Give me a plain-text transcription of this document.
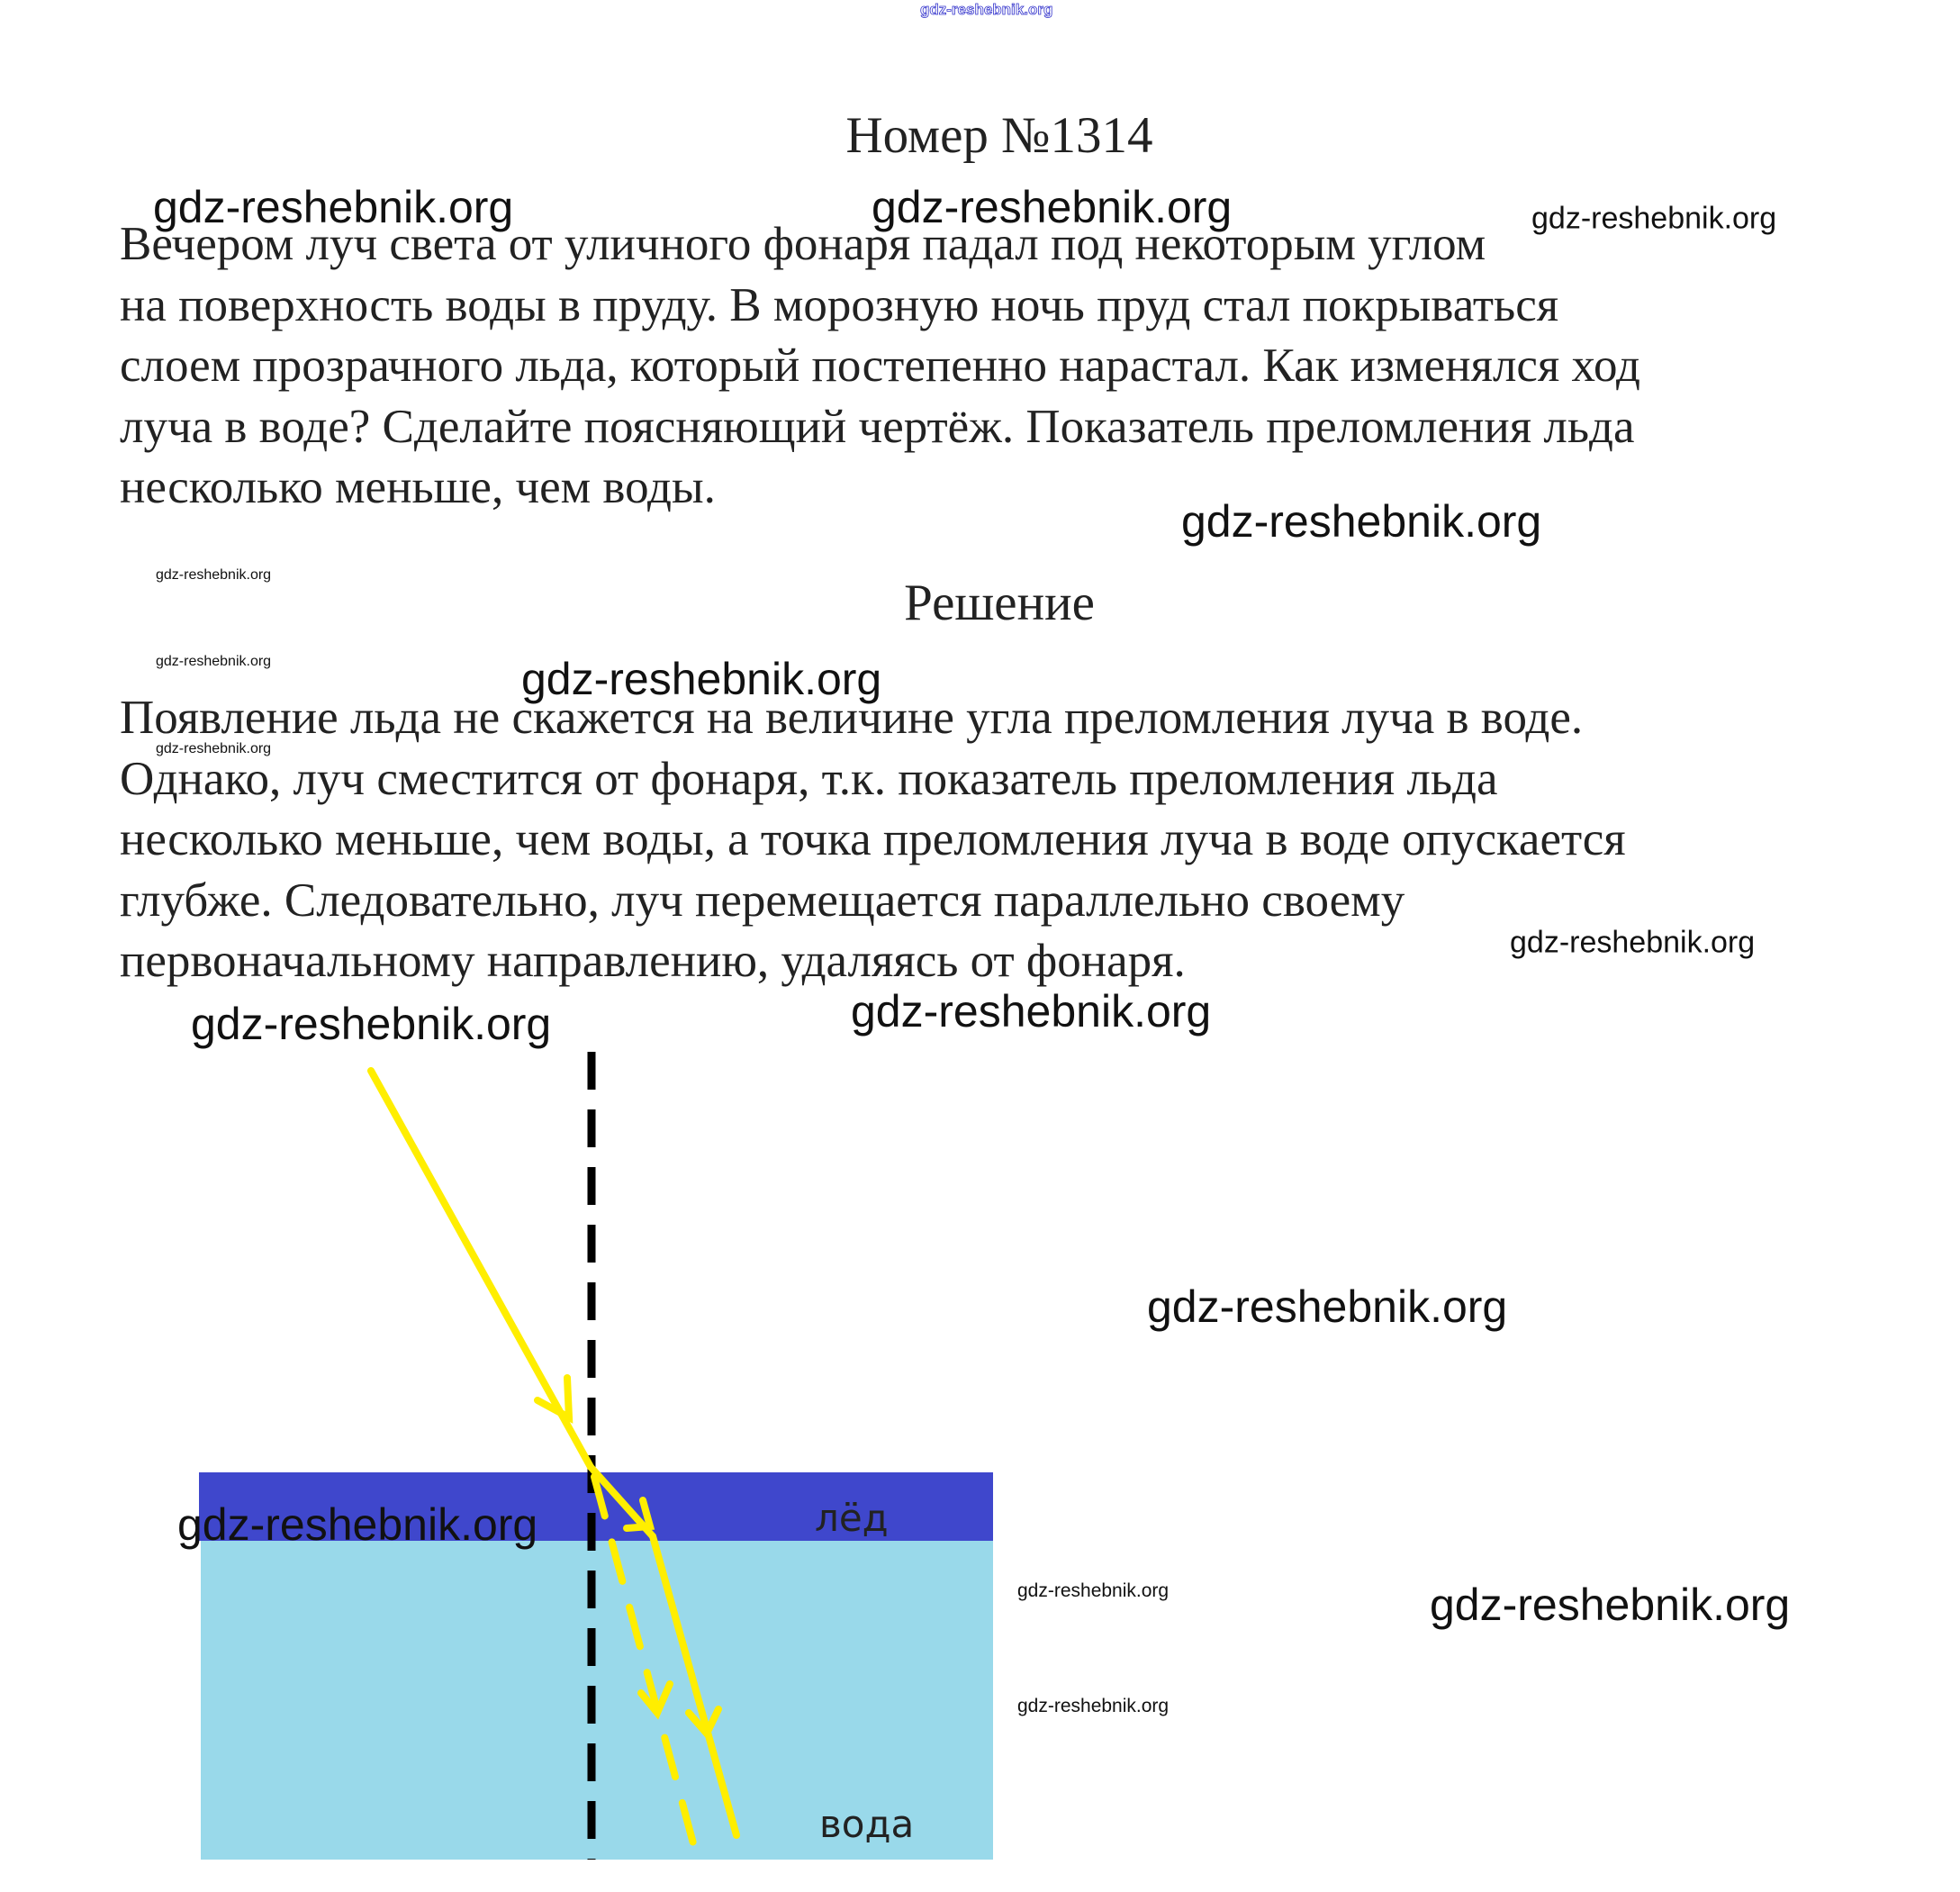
gdz-reshebnik.org
Номер №1314
Вечером луч света от уличного фонаря падал под некоторым углом
на поверхность воды в пруду. В морозную ночь пруд стал покрываться
слоем прозрачного льда, который постепенно нарастал. Как изменялся ход
луча в воде? Сделайте поясняющий чертёж. Показатель преломления льда
несколько меньше, чем воды.
Решение
Появление льда не скажется на величине угла преломления луча в воде.
Однако, луч сместится от фонаря, т.к. показатель преломления льда
несколько меньше, чем воды, а точка преломления луча в воде опускается
глубже. Следовательно, луч перемещается параллельно своему
первоначальному направлению, удаляясь от фонаря.
лёд
вода
gdz-reshebnik.org	gdz-reshebnik.org	gdz-reshebnik.org
gdz-reshebnik.org
gdz-reshebnik.org
gdz-reshebnik.org	gdz-reshebnik.org
gdz-reshebnik.org
gdz-reshebnik.org
gdz-reshebnik.org	gdz-reshebnik.org
gdz-reshebnik.org
gdz-reshebnik.org
gdz-reshebnik.org	gdz-reshebnik.org
gdz-reshebnik.org
